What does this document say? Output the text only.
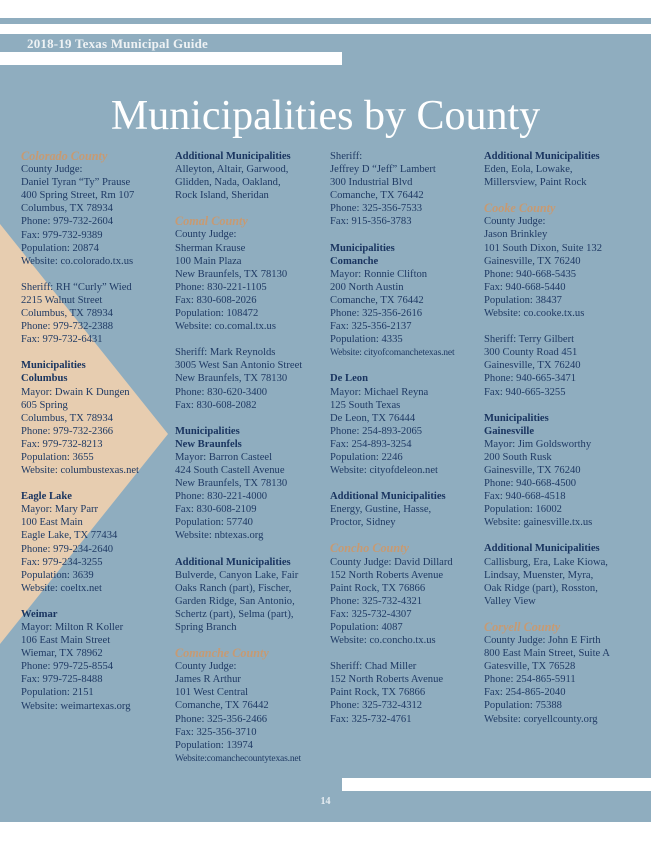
2018-19 Texas Municipal Guide
Municipalities by County

Colorado County

County Judge:

Daniel Tyran “Ty” Prause

400 Spring Street, Rm 107

Columbus, TX 78934

Phone: 979-732-2604

Fax: 979-732-9389

Population: 20874

Website: co.colorado.tx.us

Sheriff: RH “Curly” Wied

2215 Walnut Street

Columbus, TX 78934

Phone: 979-732-2388

Fax: 979-732-6431

Municipalities

Columbus

Mayor: Dwain K Dungen

605 Spring

Columbus, TX 78934

Phone: 979-732-2366

Fax: 979-732-8213

Population: 3655

Website: columbustexas.net

Eagle Lake

Mayor: Mary Parr

100 East Main

Eagle Lake, TX 77434

Phone: 979-234-2640

Fax: 979-234-3255

Population: 3639

Website: coeltx.net

Weimar

Mayor: Milton R Koller

106 East Main Street

Wiemar, TX 78962

Phone: 979-725-8554

Fax: 979-725-8488

Population: 2151

Website: weimartexas.org

Additional Municipalities

Alleyton, Altair, Garwood,

Glidden, Nada, Oakland,

Rock Island, Sheridan

Comal County

County Judge:

Sherman Krause

100 Main Plaza

New Braunfels, TX 78130

Phone: 830-221-1105

Fax: 830-608-2026

Population: 108472

Website: co.comal.tx.us

Sheriff: Mark Reynolds

3005 West San Antonio Street

New Braunfels, TX 78130

Phone: 830-620-3400

Fax: 830-608-2082

Municipalities

New Braunfels

Mayor: Barron Casteel

424 South Castell Avenue

New Braunfels, TX 78130

Phone: 830-221-4000

Fax: 830-608-2109

Population: 57740

Website: nbtexas.org

Additional Municipalities

Bulverde, Canyon Lake, Fair

Oaks Ranch (part), Fischer,

Garden Ridge, San Antonio,

Schertz (part), Selma (part),

Spring Branch

Comanche County

County Judge:

James R Arthur

101 West Central

Comanche, TX 76442

Phone: 325-356-2466

Fax: 325-356-3710

Population: 13974

Website:comanchecountytexas.net

Sheriff:

Jeffrey D “Jeff” Lambert

300 Industrial Blvd

Comanche, TX 76442

Phone: 325-356-7533

Fax: 915-356-3783

Municipalities

Comanche

Mayor: Ronnie Clifton

200 North Austin

Comanche, TX 76442

Phone: 325-356-2616

Fax: 325-356-2137

Population: 4335

Website: cityofcomanchetexas.net

De Leon

Mayor: Michael Reyna

125 South Texas

De Leon, TX 76444

Phone: 254-893-2065

Fax: 254-893-3254

Population: 2246

Website: cityofdeleon.net

Additional Municipalities

Energy, Gustine, Hasse,

Proctor, Sidney

Concho County

County Judge: David Dillard

152 North Roberts Avenue

Paint Rock, TX 76866

Phone: 325-732-4321

Fax: 325-732-4307

Population: 4087

Website: co.concho.tx.us

Sheriff: Chad Miller

152 North Roberts Avenue

Paint Rock, TX 76866

Phone: 325-732-4312

Fax: 325-732-4761

Additional Municipalities

Eden, Eola, Lowake,

Millersview, Paint Rock

Cooke County

County Judge:

Jason Brinkley

101 South Dixon, Suite 132

Gainesville, TX 76240

Phone: 940-668-5435

Fax: 940-668-5440

Population: 38437

Website: co.cooke.tx.us

Sheriff: Terry Gilbert

300 County Road 451

Gainesville, TX 76240

Phone: 940-665-3471

Fax: 940-665-3255

Municipalities

Gainesville

Mayor: Jim Goldsworthy

200 South Rusk

Gainesville, TX 76240

Phone: 940-668-4500

Fax: 940-668-4518

Population: 16002

Website: gainesville.tx.us

Additional Municipalities

Callisburg, Era, Lake Kiowa,

Lindsay, Muenster, Myra,

Oak Ridge (part), Rosston,

Valley View

Coryell County

County Judge: John E Firth

800 East Main Street, Suite A

Gatesville, TX 76528

Phone: 254-865-5911

Fax: 254-865-2040

Population: 75388

Website: coryellcounty.org

14
